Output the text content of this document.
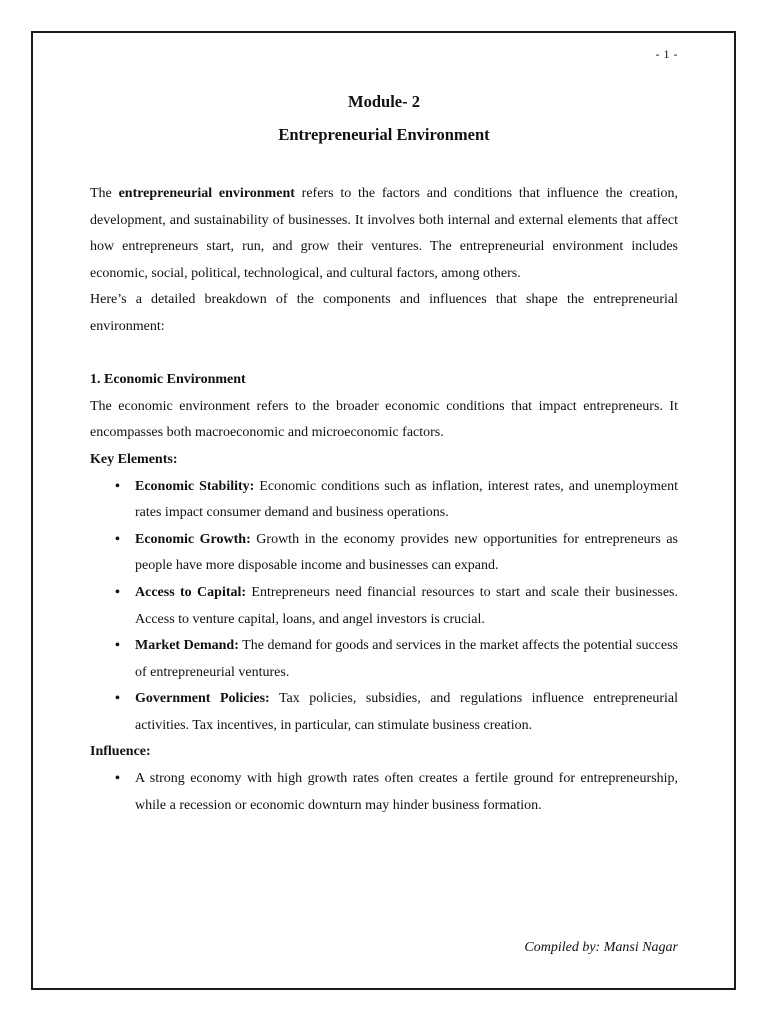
- 1 -
Module- 2
Entrepreneurial Environment

The entrepreneurial environment refers to the factors and conditions that influence the creation, development, and sustainability of businesses. It involves both internal and external elements that affect how entrepreneurs start, run, and grow their ventures. The entrepreneurial environment includes economic, social, political, technological, and cultural factors, among others.

Here’s a detailed breakdown of the components and influences that shape the entrepreneurial environment:

1. Economic Environment

The economic environment refers to the broader economic conditions that impact entrepreneurs. It encompasses both macroeconomic and microeconomic factors.

Key Elements:

• Economic Stability: Economic conditions such as inflation, interest rates, and unemployment rates impact consumer demand and business operations.
• Economic Growth: Growth in the economy provides new opportunities for entrepreneurs as people have more disposable income and businesses can expand.
• Access to Capital: Entrepreneurs need financial resources to start and scale their businesses. Access to venture capital, loans, and angel investors is crucial.
• Market Demand: The demand for goods and services in the market affects the potential success of entrepreneurial ventures.
• Government Policies: Tax policies, subsidies, and regulations influence entrepreneurial activities. Tax incentives, in particular, can stimulate business creation.

Influence:

• A strong economy with high growth rates often creates a fertile ground for entrepreneurship, while a recession or economic downturn may hinder business formation.
Compiled by: Mansi Nagar
